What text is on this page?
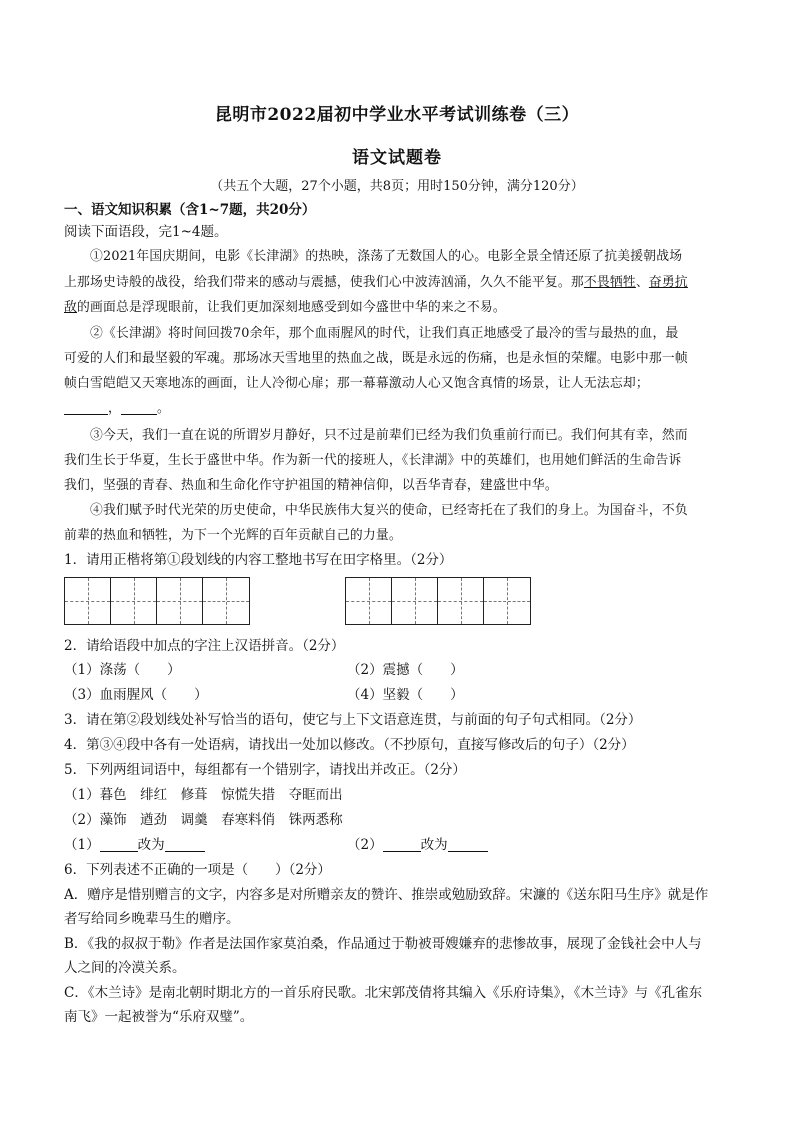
昆明市2022届初中学业水平考试训练卷（三）
语文试题卷
（共五个大题，27个小题，共8页；用时150分钟，满分120分）
一、语文知识积累（含1~7题，共20分）
阅读下面语段，完1~4题。
①2021年国庆期间，电影《长津湖》的热映，涤荡了无数国人的心。电影全景全情还原了抗美援朝战场
上那场史诗般的战役，给我们带来的感动与震撼，使我们心中波涛汹涌，久久不能平复。那不畏牺牲、奋勇抗
敌的画面总是浮现眼前，让我们更加深刻地感受到如今盛世中华的来之不易。
②《长津湖》将时间回拨70余年，那个血雨腥风的时代，让我们真正地感受了最冷的雪与最热的血，最
可爱的人们和最坚毅的军魂。那场冰天雪地里的热血之战，既是永远的伤痛，也是永恒的荣耀。电影中那一帧
帧白雪皑皑又天寒地冻的画面，让人冷彻心扉；那一幕幕激动人心又饱含真情的场景，让人无法忘却；
，	。
③今天，我们一直在说的所谓岁月静好，只不过是前辈们已经为我们负重前行而已。我们何其有幸，然而
我们生长于华夏，生长于盛世中华。作为新一代的接班人，《长津湖》中的英雄们，也用她们鲜活的生命告诉
我们，坚强的青春、热血和生命化作守护祖国的精神信仰，以吾华青春，建盛世中华。
④我们赋予时代光荣的历史使命，中华民族伟大复兴的使命，已经寄托在了我们的身上。为国奋斗，不负
前辈的热血和牺牲，为下一个光辉的百年贡献自己的力量。
1．请用正楷将第①段划线的内容工整地书写在田字格里。（2分）
2．请给语段中加点的字注上汉语拼音。（2分）
（1）涤荡（　　）	（2）震撼（　　）
（3）血雨腥风（　　）	（4）坚毅（　　）
3．请在第②段划线处补写恰当的语句，使它与上下文语意连贯，与前面的句子句式相同。（2分）
4．第③④段中各有一处语病，请找出一处加以修改。（不抄原句，直接写修改后的句子）（2分）
5．下列两组词语中，每组都有一个错别字，请找出并改正。（2分）
（1）暮色　绯红　修葺　惊慌失措　夺眶而出
（2）藻饰　遒劲　调羹　春寒料俏　铢两悉称
（1）	改为	（2）	改为
6．下列表述不正确的一项是（　　）（2分）
A．赠序是惜别赠言的文字，内容多是对所赠亲友的赞许、推崇或勉励致辞。宋濂的《送东阳马生序》就是作
者写给同乡晚辈马生的赠序。
B．《我的叔叔于勒》作者是法国作家莫泊桑，作品通过于勒被哥嫂嫌弃的悲惨故事，展现了金钱社会中人与
人之间的冷漠关系。
C．《木兰诗》是南北朝时期北方的一首乐府民歌。北宋郭茂倩将其编入《乐府诗集》，《木兰诗》与《孔雀东
南飞》一起被誉为“乐府双璧”。
